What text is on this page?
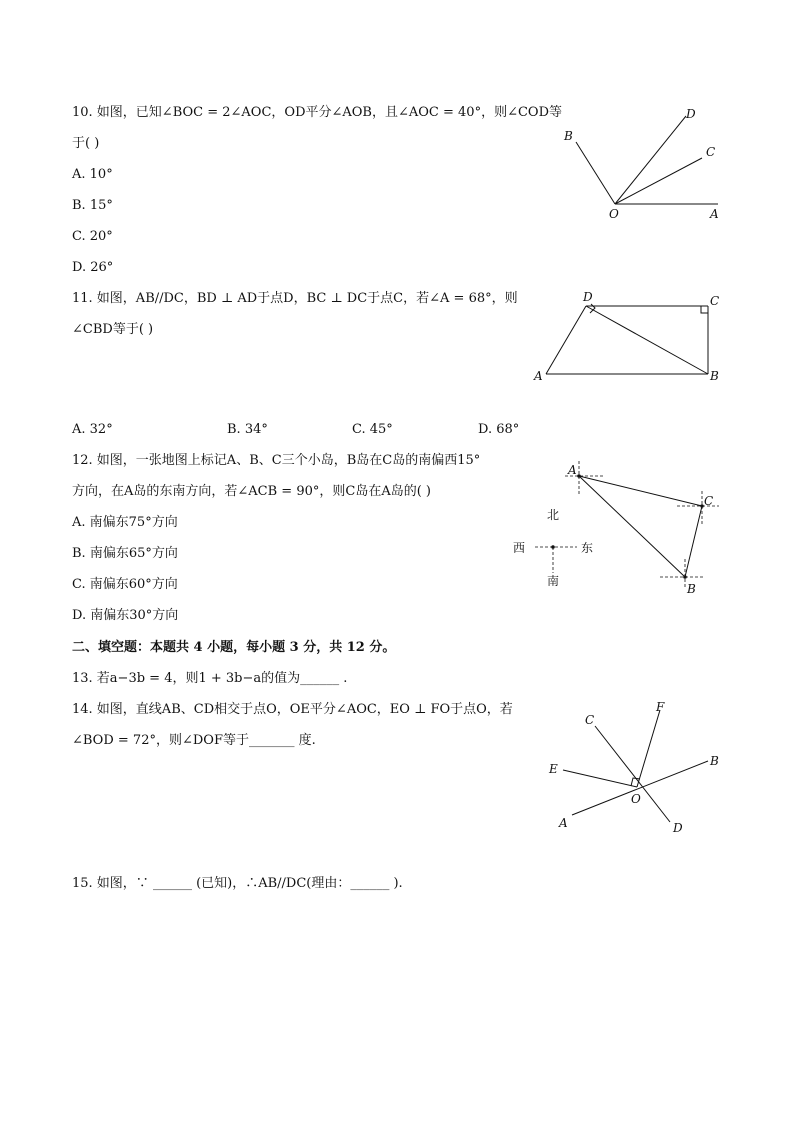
10. 如图，已知∠BOC = 2∠AOC，OD平分∠AOB，且∠AOC = 40°，则∠COD等
于( )
A. 10°
B. 15°
C. 20°
D. 26°
B
D
C
O	A
11. 如图，AB//DC，BD ⊥ AD于点D，BC ⊥ DC于点C，若∠A = 68°，则
∠CBD等于( )
A. 32°	B. 34°	C. 45°	D. 68°
D	C
A	B
12. 如图，一张地图上标记A、B、C三个小岛，B岛在C岛的南偏西15°
方向，在A岛的东南方向，若∠ACB = 90°，则C岛在A岛的( )
A. 南偏东75°方向
B. 南偏东65°方向
C. 南偏东60°方向
D. 南偏东30°方向
A
C
B
北
西	东
南
二、填空题：本题共 4 小题，每小题 3 分，共 12 分。
13. 若a−3b = 4，则1 + 3b−a的值为______ .
14. 如图，直线AB、CD相交于点O，OE平分∠AOC，EO ⊥ FO于点O，若
∠BOD = 72°，则∠DOF等于_______ 度.
C
F
E
B
O
A	D
15. 如图，∵ ______ (已知)，∴AB//DC(理由：______ ).
